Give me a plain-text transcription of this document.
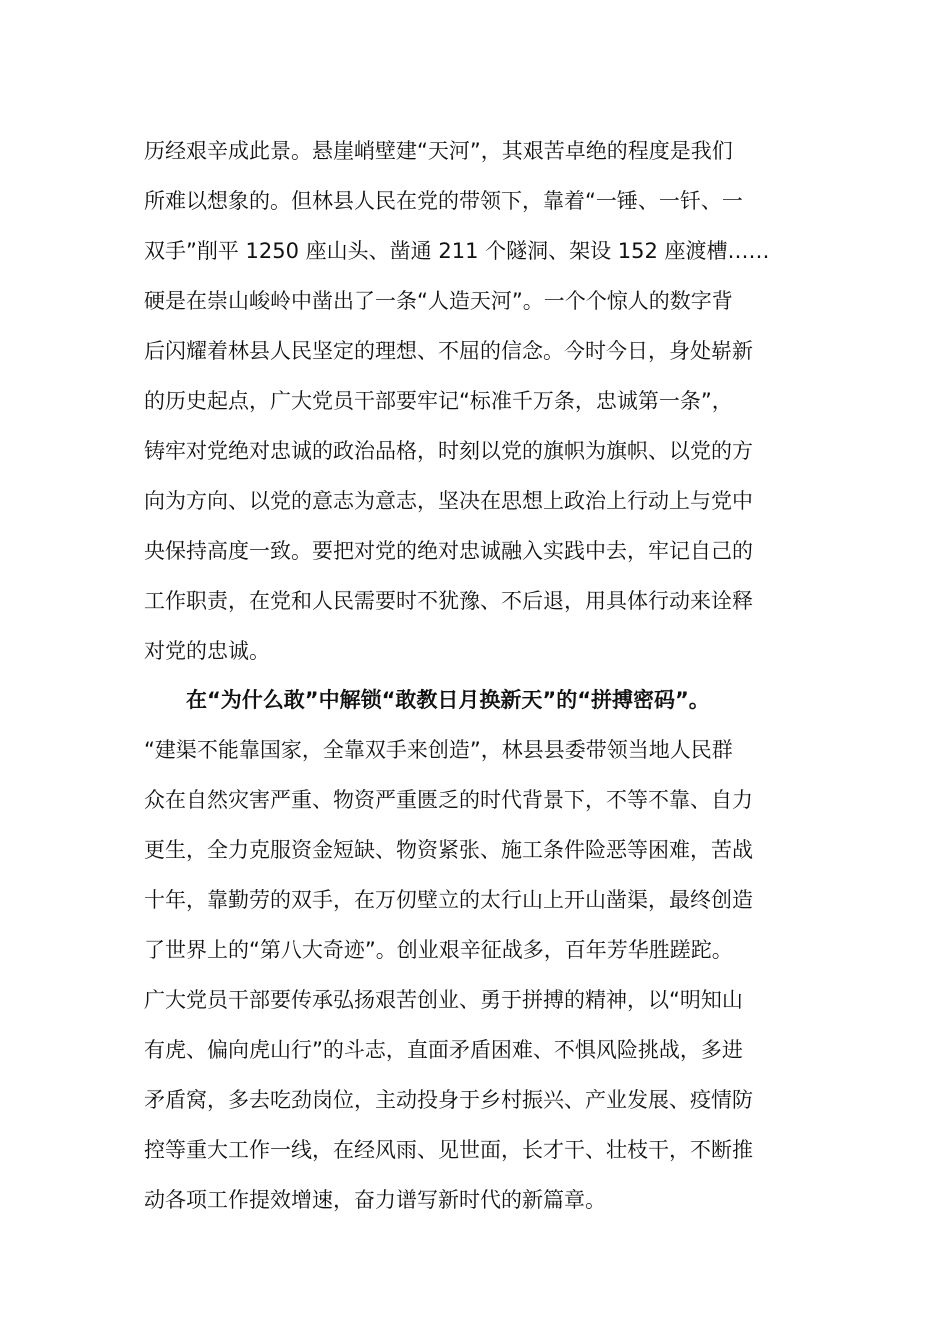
历经艰辛成此景。悬崖峭壁建“天河”，其艰苦卓绝的程度是我们
所难以想象的。但林县人民在党的带领下，靠着“一锤、一钎、一
双手”削平 1250 座山头、凿通 211 个隧洞、架设 152 座渡槽……
硬是在崇山峻岭中凿出了一条“人造天河”。一个个惊人的数字背
后闪耀着林县人民坚定的理想、不屈的信念。今时今日，身处崭新
的历史起点，广大党员干部要牢记“标准千万条，忠诚第一条”，
铸牢对党绝对忠诚的政治品格，时刻以党的旗帜为旗帜、以党的方
向为方向、以党的意志为意志，坚决在思想上政治上行动上与党中
央保持高度一致。要把对党的绝对忠诚融入实践中去，牢记自己的
工作职责，在党和人民需要时不犹豫、不后退，用具体行动来诠释
对党的忠诚。
在“为什么敢”中解锁“敢教日月换新天”的“拼搏密码”。
“建渠不能靠国家，全靠双手来创造”，林县县委带领当地人民群
众在自然灾害严重、物资严重匮乏的时代背景下，不等不靠、自力
更生，全力克服资金短缺、物资紧张、施工条件险恶等困难，苦战
十年，靠勤劳的双手，在万仞壁立的太行山上开山凿渠，最终创造
了世界上的“第八大奇迹”。创业艰辛征战多，百年芳华胜蹉跎。
广大党员干部要传承弘扬艰苦创业、勇于拼搏的精神，以“明知山
有虎、偏向虎山行”的斗志，直面矛盾困难、不惧风险挑战，多进
矛盾窝，多去吃劲岗位，主动投身于乡村振兴、产业发展、疫情防
控等重大工作一线，在经风雨、见世面，长才干、壮枝干，不断推
动各项工作提效增速，奋力谱写新时代的新篇章。
